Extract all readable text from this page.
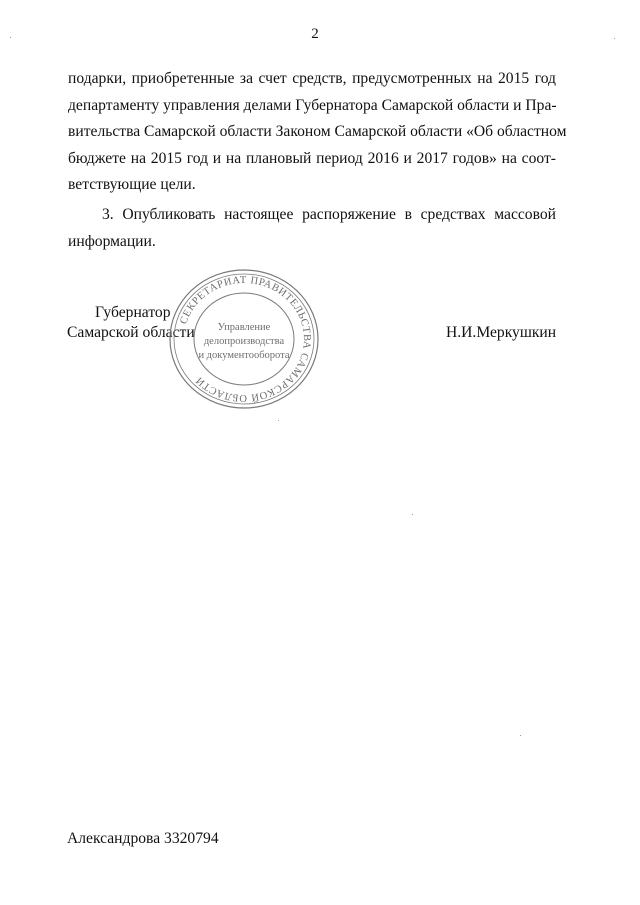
2
подарки, приобретенные за счет средств, предусмотренных на 2015 год
департаменту управления делами Губернатора Самарской области и Пра-
вительства Самарской области Законом Самарской области «Об областном
бюджете на 2015 год и на плановый период 2016 и 2017 годов» на соот-
ветствующие цели.
3. Опубликовать настоящее распоряжение в средствах массовой
информации.
Губернатор
Самарской области	Н.И.Меркушкин
СЕКРЕТАРИАТ ПРАВИТЕЛЬСТВА САМАРСКОЙ ОБЛАСТИ
Управление
делопроизводства
и документооборота
Александрова 3320794
